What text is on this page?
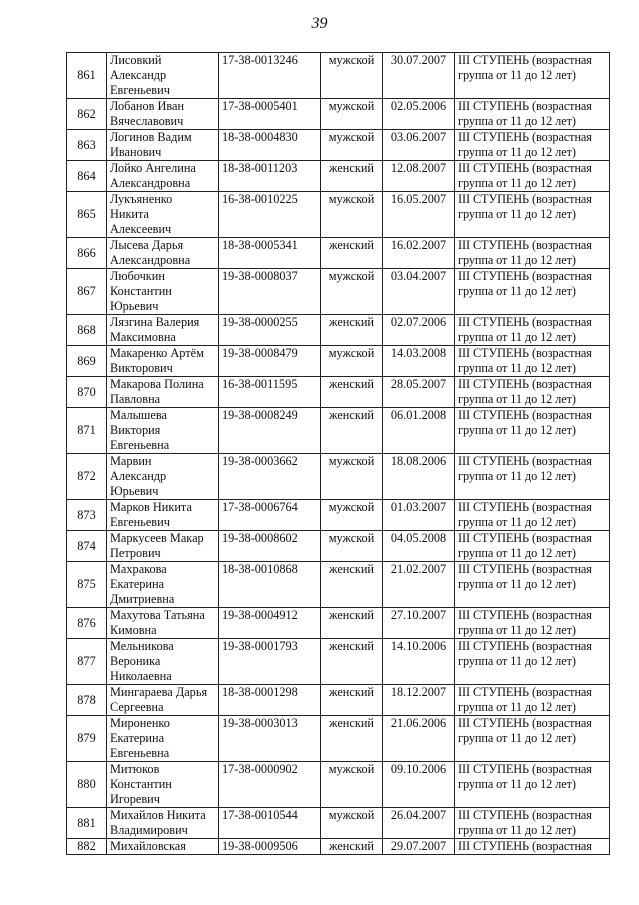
39
861	Лисовкий
Александр
Евгеньевич	17-38-0013246	мужской	30.07.2007	III СТУПЕНЬ (возрастная
группа от 11 до 12 лет)

862	Лобанов Иван
Вячеславович	17-38-0005401	мужской	02.05.2006	III СТУПЕНЬ (возрастная
группа от 11 до 12 лет)

863	Логинов Вадим
Иванович	18-38-0004830	мужской	03.06.2007	III СТУПЕНЬ (возрастная
группа от 11 до 12 лет)

864	Лойко Ангелина
Александровна	18-38-0011203	женский	12.08.2007	III СТУПЕНЬ (возрастная
группа от 11 до 12 лет)

865	Лукъяненко
Никита
Алексеевич	16-38-0010225	мужской	16.05.2007	III СТУПЕНЬ (возрастная
группа от 11 до 12 лет)

866	Лысева Дарья
Александровна	18-38-0005341	женский	16.02.2007	III СТУПЕНЬ (возрастная
группа от 11 до 12 лет)

867	Любочкин
Константин
Юрьевич	19-38-0008037	мужской	03.04.2007	III СТУПЕНЬ (возрастная
группа от 11 до 12 лет)

868	Лязгина Валерия
Максимовна	19-38-0000255	женский	02.07.2006	III СТУПЕНЬ (возрастная
группа от 11 до 12 лет)

869	Макаренко Артём
Викторович	19-38-0008479	мужской	14.03.2008	III СТУПЕНЬ (возрастная
группа от 11 до 12 лет)

870	Макарова Полина
Павловна	16-38-0011595	женский	28.05.2007	III СТУПЕНЬ (возрастная
группа от 11 до 12 лет)

871	Малышева
Виктория
Евгеньевна	19-38-0008249	женский	06.01.2008	III СТУПЕНЬ (возрастная
группа от 11 до 12 лет)

872	Марвин
Александр
Юрьевич	19-38-0003662	мужской	18.08.2006	III СТУПЕНЬ (возрастная
группа от 11 до 12 лет)

873	Марков Никита
Евгеньевич	17-38-0006764	мужской	01.03.2007	III СТУПЕНЬ (возрастная
группа от 11 до 12 лет)

874	Маркусеев Макар
Петрович	19-38-0008602	мужской	04.05.2008	III СТУПЕНЬ (возрастная
группа от 11 до 12 лет)

875	Махракова
Екатерина
Дмитриевна	18-38-0010868	женский	21.02.2007	III СТУПЕНЬ (возрастная
группа от 11 до 12 лет)

876	Махутова Татьяна
Кимовна	19-38-0004912	женский	27.10.2007	III СТУПЕНЬ (возрастная
группа от 11 до 12 лет)

877	Мельникова
Вероника
Николаевна	19-38-0001793	женский	14.10.2006	III СТУПЕНЬ (возрастная
группа от 11 до 12 лет)

878	Мингараева Дарья
Сергеевна	18-38-0001298	женский	18.12.2007	III СТУПЕНЬ (возрастная
группа от 11 до 12 лет)

879	Мироненко
Екатерина
Евгеньевна	19-38-0003013	женский	21.06.2006	III СТУПЕНЬ (возрастная
группа от 11 до 12 лет)

880	Митюков
Константин
Игоревич	17-38-0000902	мужской	09.10.2006	III СТУПЕНЬ (возрастная
группа от 11 до 12 лет)

881	Михайлов Никита
Владимирович	17-38-0010544	мужской	26.04.2007	III СТУПЕНЬ (возрастная
группа от 11 до 12 лет)

882	Михайловская	19-38-0009506	женский	29.07.2007	III СТУПЕНЬ (возрастная
